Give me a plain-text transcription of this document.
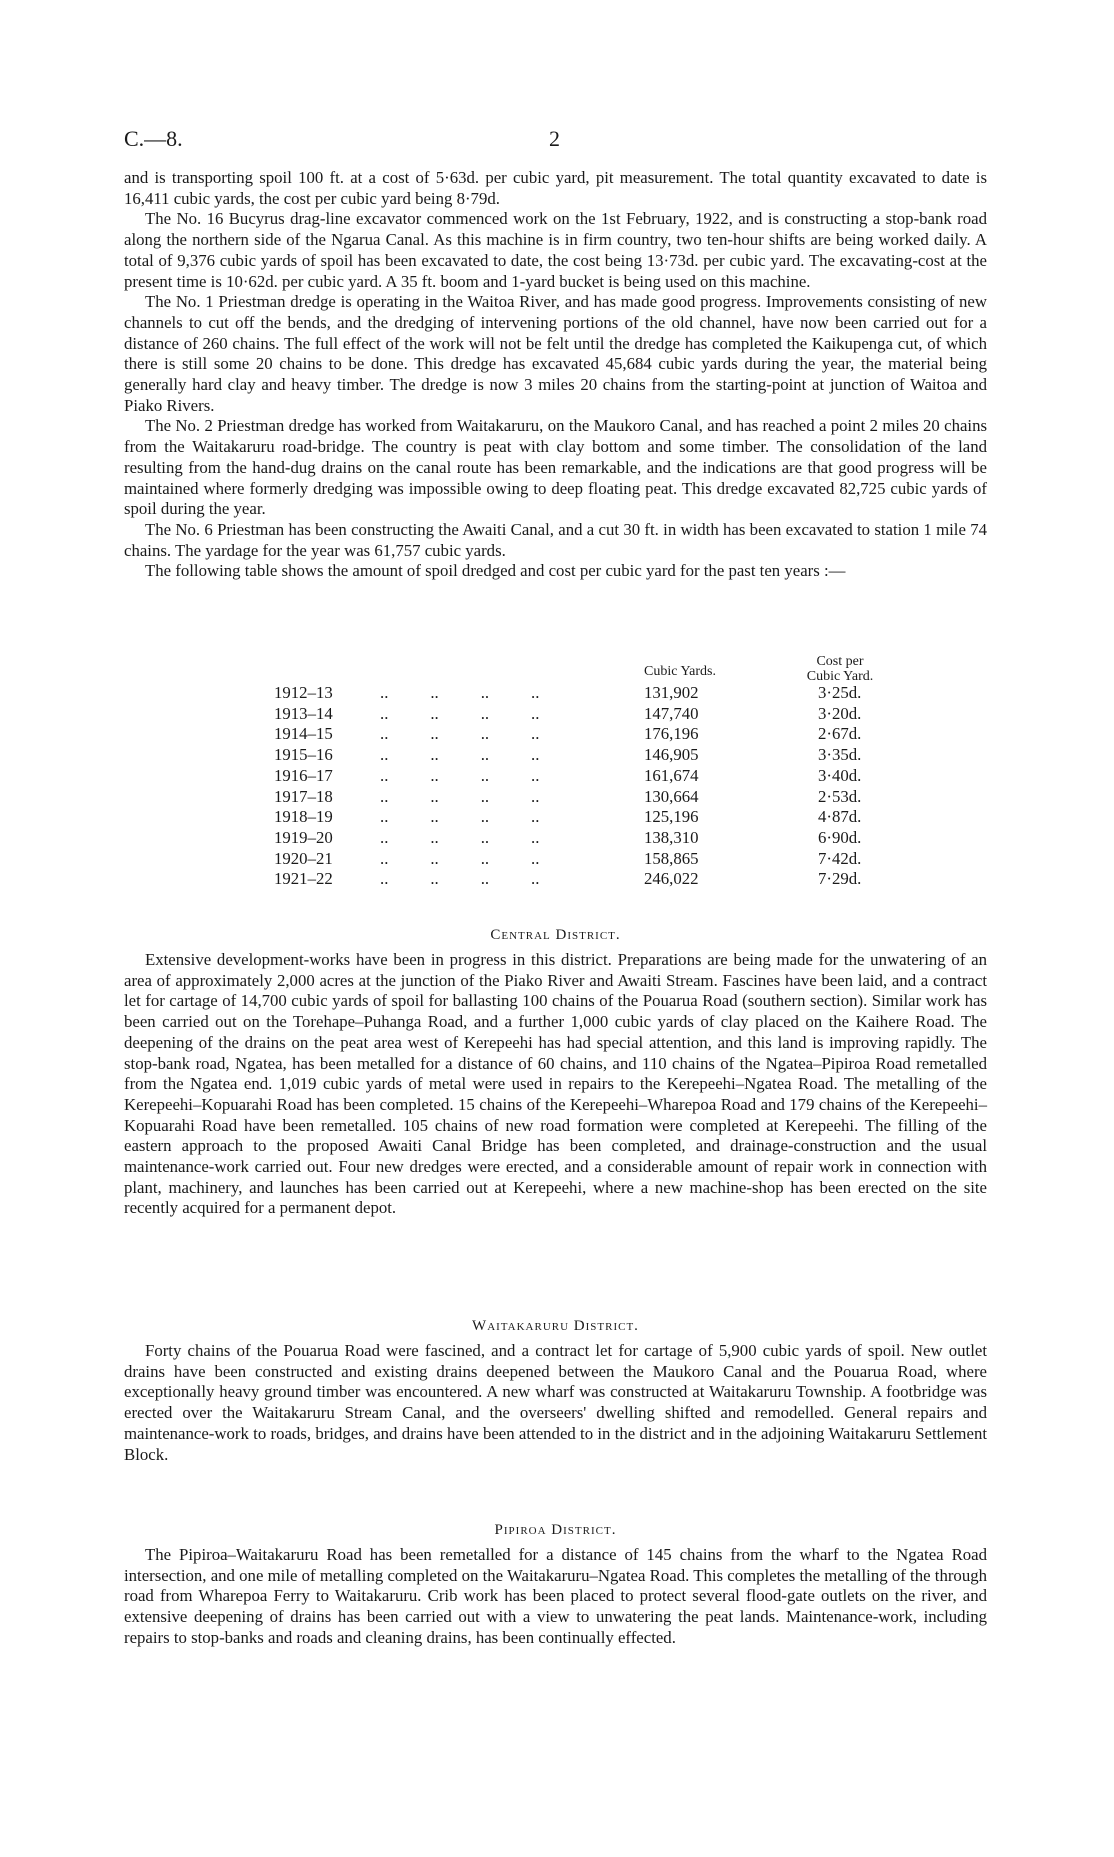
C.—8.	2

and is transporting spoil 100 ft. at a cost of 5·63d. per cubic yard, pit measurement. The total quantity excavated to date is 16,411 cubic yards, the cost per cubic yard being 8·79d.

The No. 16 Bucyrus drag-line excavator commenced work on the 1st February, 1922, and is constructing a stop-bank road along the northern side of the Ngarua Canal. As this machine is in firm country, two ten-hour shifts are being worked daily. A total of 9,376 cubic yards of spoil has been excavated to date, the cost being 13·73d. per cubic yard. The excavating-cost at the present time is 10·62d. per cubic yard. A 35 ft. boom and 1-yard bucket is being used on this machine.

The No. 1 Priestman dredge is operating in the Waitoa River, and has made good progress. Improvements consisting of new channels to cut off the bends, and the dredging of intervening portions of the old channel, have now been carried out for a distance of 260 chains. The full effect of the work will not be felt until the dredge has completed the Kaikupenga cut, of which there is still some 20 chains to be done. This dredge has excavated 45,684 cubic yards during the year, the material being generally hard clay and heavy timber. The dredge is now 3 miles 20 chains from the starting-point at junction of Waitoa and Piako Rivers.

The No. 2 Priestman dredge has worked from Waitakaruru, on the Maukoro Canal, and has reached a point 2 miles 20 chains from the Waitakaruru road-bridge. The country is peat with clay bottom and some timber. The consolidation of the land resulting from the hand-dug drains on the canal route has been remarkable, and the indications are that good progress will be maintained where formerly dredging was impossible owing to deep floating peat. This dredge excavated 82,725 cubic yards of spoil during the year.

The No. 6 Priestman has been constructing the Awaiti Canal, and a cut 30 ft. in width has been excavated to station 1 mile 74 chains. The yardage for the year was 61,757 cubic yards.

The following table shows the amount of spoil dredged and cost per cubic yard for the past ten years :—

Cubic Yards.
Cost per
Cubic Yard.
1912–13	..          ..          ..          ..	131,902	3·25d.
1913–14	..          ..          ..          ..	147,740	3·20d.
1914–15	..          ..          ..          ..	176,196	2·67d.
1915–16	..          ..          ..          ..	146,905	3·35d.
1916–17	..          ..          ..          ..	161,674	3·40d.
1917–18	..          ..          ..          ..	130,664	2·53d.
1918–19	..          ..          ..          ..	125,196	4·87d.
1919–20	..          ..          ..          ..	138,310	6·90d.
1920–21	..          ..          ..          ..	158,865	7·42d.
1921–22	..          ..          ..          ..	246,022	7·29d.
Central District.

Extensive development-works have been in progress in this district. Preparations are being made for the unwatering of an area of approximately 2,000 acres at the junction of the Piako River and Awaiti Stream. Fascines have been laid, and a contract let for cartage of 14,700 cubic yards of spoil for ballasting 100 chains of the Pouarua Road (southern section). Similar work has been carried out on the Torehape–Puhanga Road, and a further 1,000 cubic yards of clay placed on the Kaihere Road. The deepening of the drains on the peat area west of Kerepeehi has had special attention, and this land is improving rapidly. The stop-bank road, Ngatea, has been metalled for a distance of 60 chains, and 110 chains of the Ngatea–Pipiroa Road remetalled from the Ngatea end. 1,019 cubic yards of metal were used in repairs to the Kerepeehi–Ngatea Road. The metalling of the Kerepeehi–Kopuarahi Road has been completed. 15 chains of the Kerepeehi–Wharepoa Road and 179 chains of the Kerepeehi–Kopuarahi Road have been remetalled. 105 chains of new road formation were completed at Kerepeehi. The filling of the eastern approach to the proposed Awaiti Canal Bridge has been completed, and drainage-construction and the usual maintenance-work carried out. Four new dredges were erected, and a considerable amount of repair work in connection with plant, machinery, and launches has been carried out at Kerepeehi, where a new machine-shop has been erected on the site recently acquired for a permanent depot.

Waitakaruru District.

Forty chains of the Pouarua Road were fascined, and a contract let for cartage of 5,900 cubic yards of spoil. New outlet drains have been constructed and existing drains deepened between the Maukoro Canal and the Pouarua Road, where exceptionally heavy ground timber was encountered. A new wharf was constructed at Waitakaruru Township. A footbridge was erected over the Waitakaruru Stream Canal, and the overseers' dwelling shifted and remodelled. General repairs and maintenance-work to roads, bridges, and drains have been attended to in the district and in the adjoining Waitakaruru Settlement Block.

Pipiroa District.

The Pipiroa–Waitakaruru Road has been remetalled for a distance of 145 chains from the wharf to the Ngatea Road intersection, and one mile of metalling completed on the Waitakaruru–Ngatea Road. This completes the metalling of the through road from Wharepoa Ferry to Waitakaruru. Crib work has been placed to protect several flood-gate outlets on the river, and extensive deepening of drains has been carried out with a view to unwatering the peat lands. Maintenance-work, including repairs to stop-banks and roads and cleaning drains, has been continually effected.
